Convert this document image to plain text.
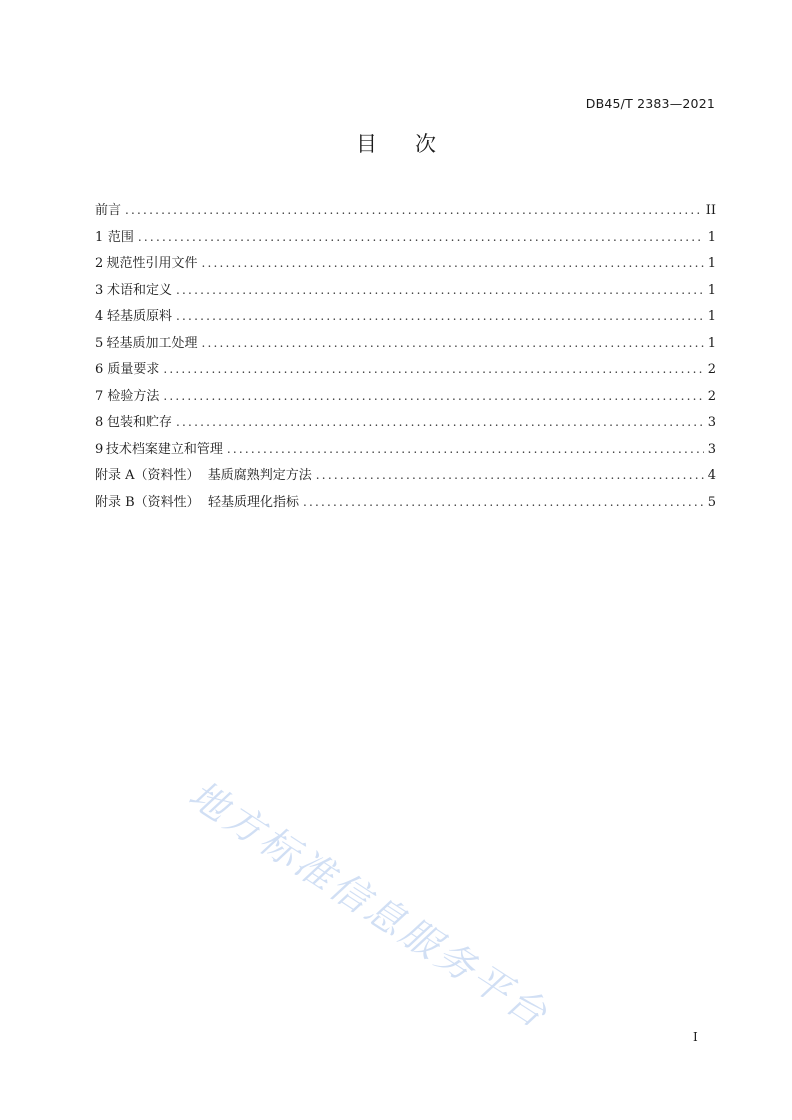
DB45/T 2383—2021
目 次
前言 .....	II
1 范围 .....	1
2 规范性引用文件 .....	1
3 术语和定义 .....	1
4 轻基质原料 .....	1
5 轻基质加工处理 .....	1
6 质量要求 .....	2
7 检验方法 .....	2
8 包装和贮存 .....	3
9 技术档案建立和管理 .....	3
附录 A（资料性）  基质腐熟判定方法 .....	4
附录 B（资料性）  轻基质理化指标 .....	5
地方标准信息服务平台	I
